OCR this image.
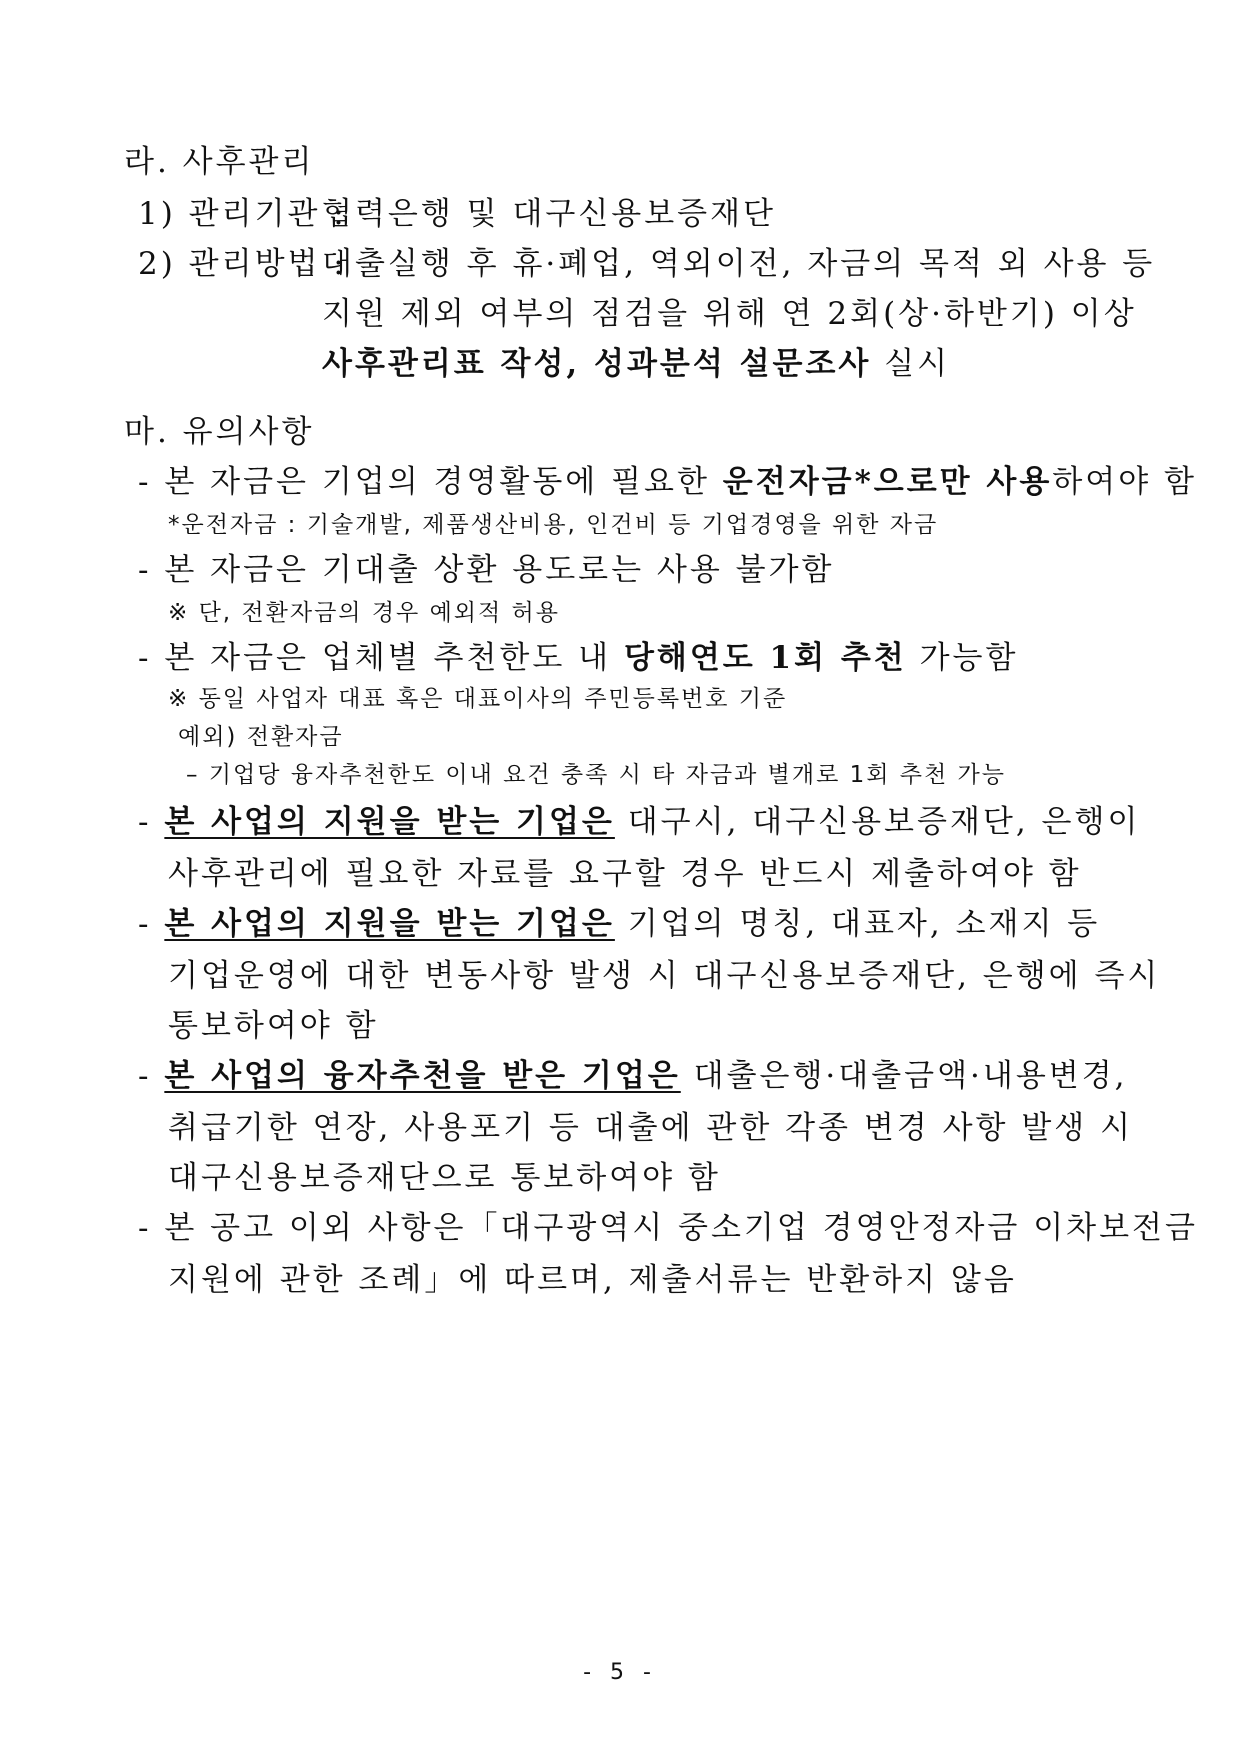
라. 사후관리
1) 관리기관 :
협력은행 및 대구신용보증재단
2) 관리방법 :
대출실행 후 휴·폐업, 역외이전, 자금의 목적 외 사용 등
지원 제외 여부의 점검을 위해 연 2회(상·하반기) 이상
사후관리표 작성, 성과분석 설문조사 실시
마. 유의사항
- 본 자금은 기업의 경영활동에 필요한 운전자금*으로만 사용하여야 함
*운전자금 : 기술개발, 제품생산비용, 인건비 등 기업경영을 위한 자금
- 본 자금은 기대출 상환 용도로는 사용 불가함
※ 단, 전환자금의 경우 예외적 허용
- 본 자금은 업체별 추천한도 내 당해연도 1회 추천 가능함
※ 동일 사업자 대표 혹은 대표이사의 주민등록번호 기준
예외) 전환자금
– 기업당 융자추천한도 이내 요건 충족 시 타 자금과 별개로 1회 추천 가능
- 본 사업의 지원을 받는 기업은 대구시, 대구신용보증재단, 은행이
사후관리에 필요한 자료를 요구할 경우 반드시 제출하여야 함
- 본 사업의 지원을 받는 기업은 기업의 명칭, 대표자, 소재지 등
기업운영에 대한 변동사항 발생 시 대구신용보증재단, 은행에 즉시
통보하여야 함
- 본 사업의 융자추천을 받은 기업은 대출은행·대출금액·내용변경,
취급기한 연장, 사용포기 등 대출에 관한 각종 변경 사항 발생 시
대구신용보증재단으로 통보하여야 함
- 본 공고 이외 사항은「대구광역시 중소기업 경영안정자금 이차보전금
지원에 관한 조례」에 따르며, 제출서류는 반환하지 않음
- 5 -
